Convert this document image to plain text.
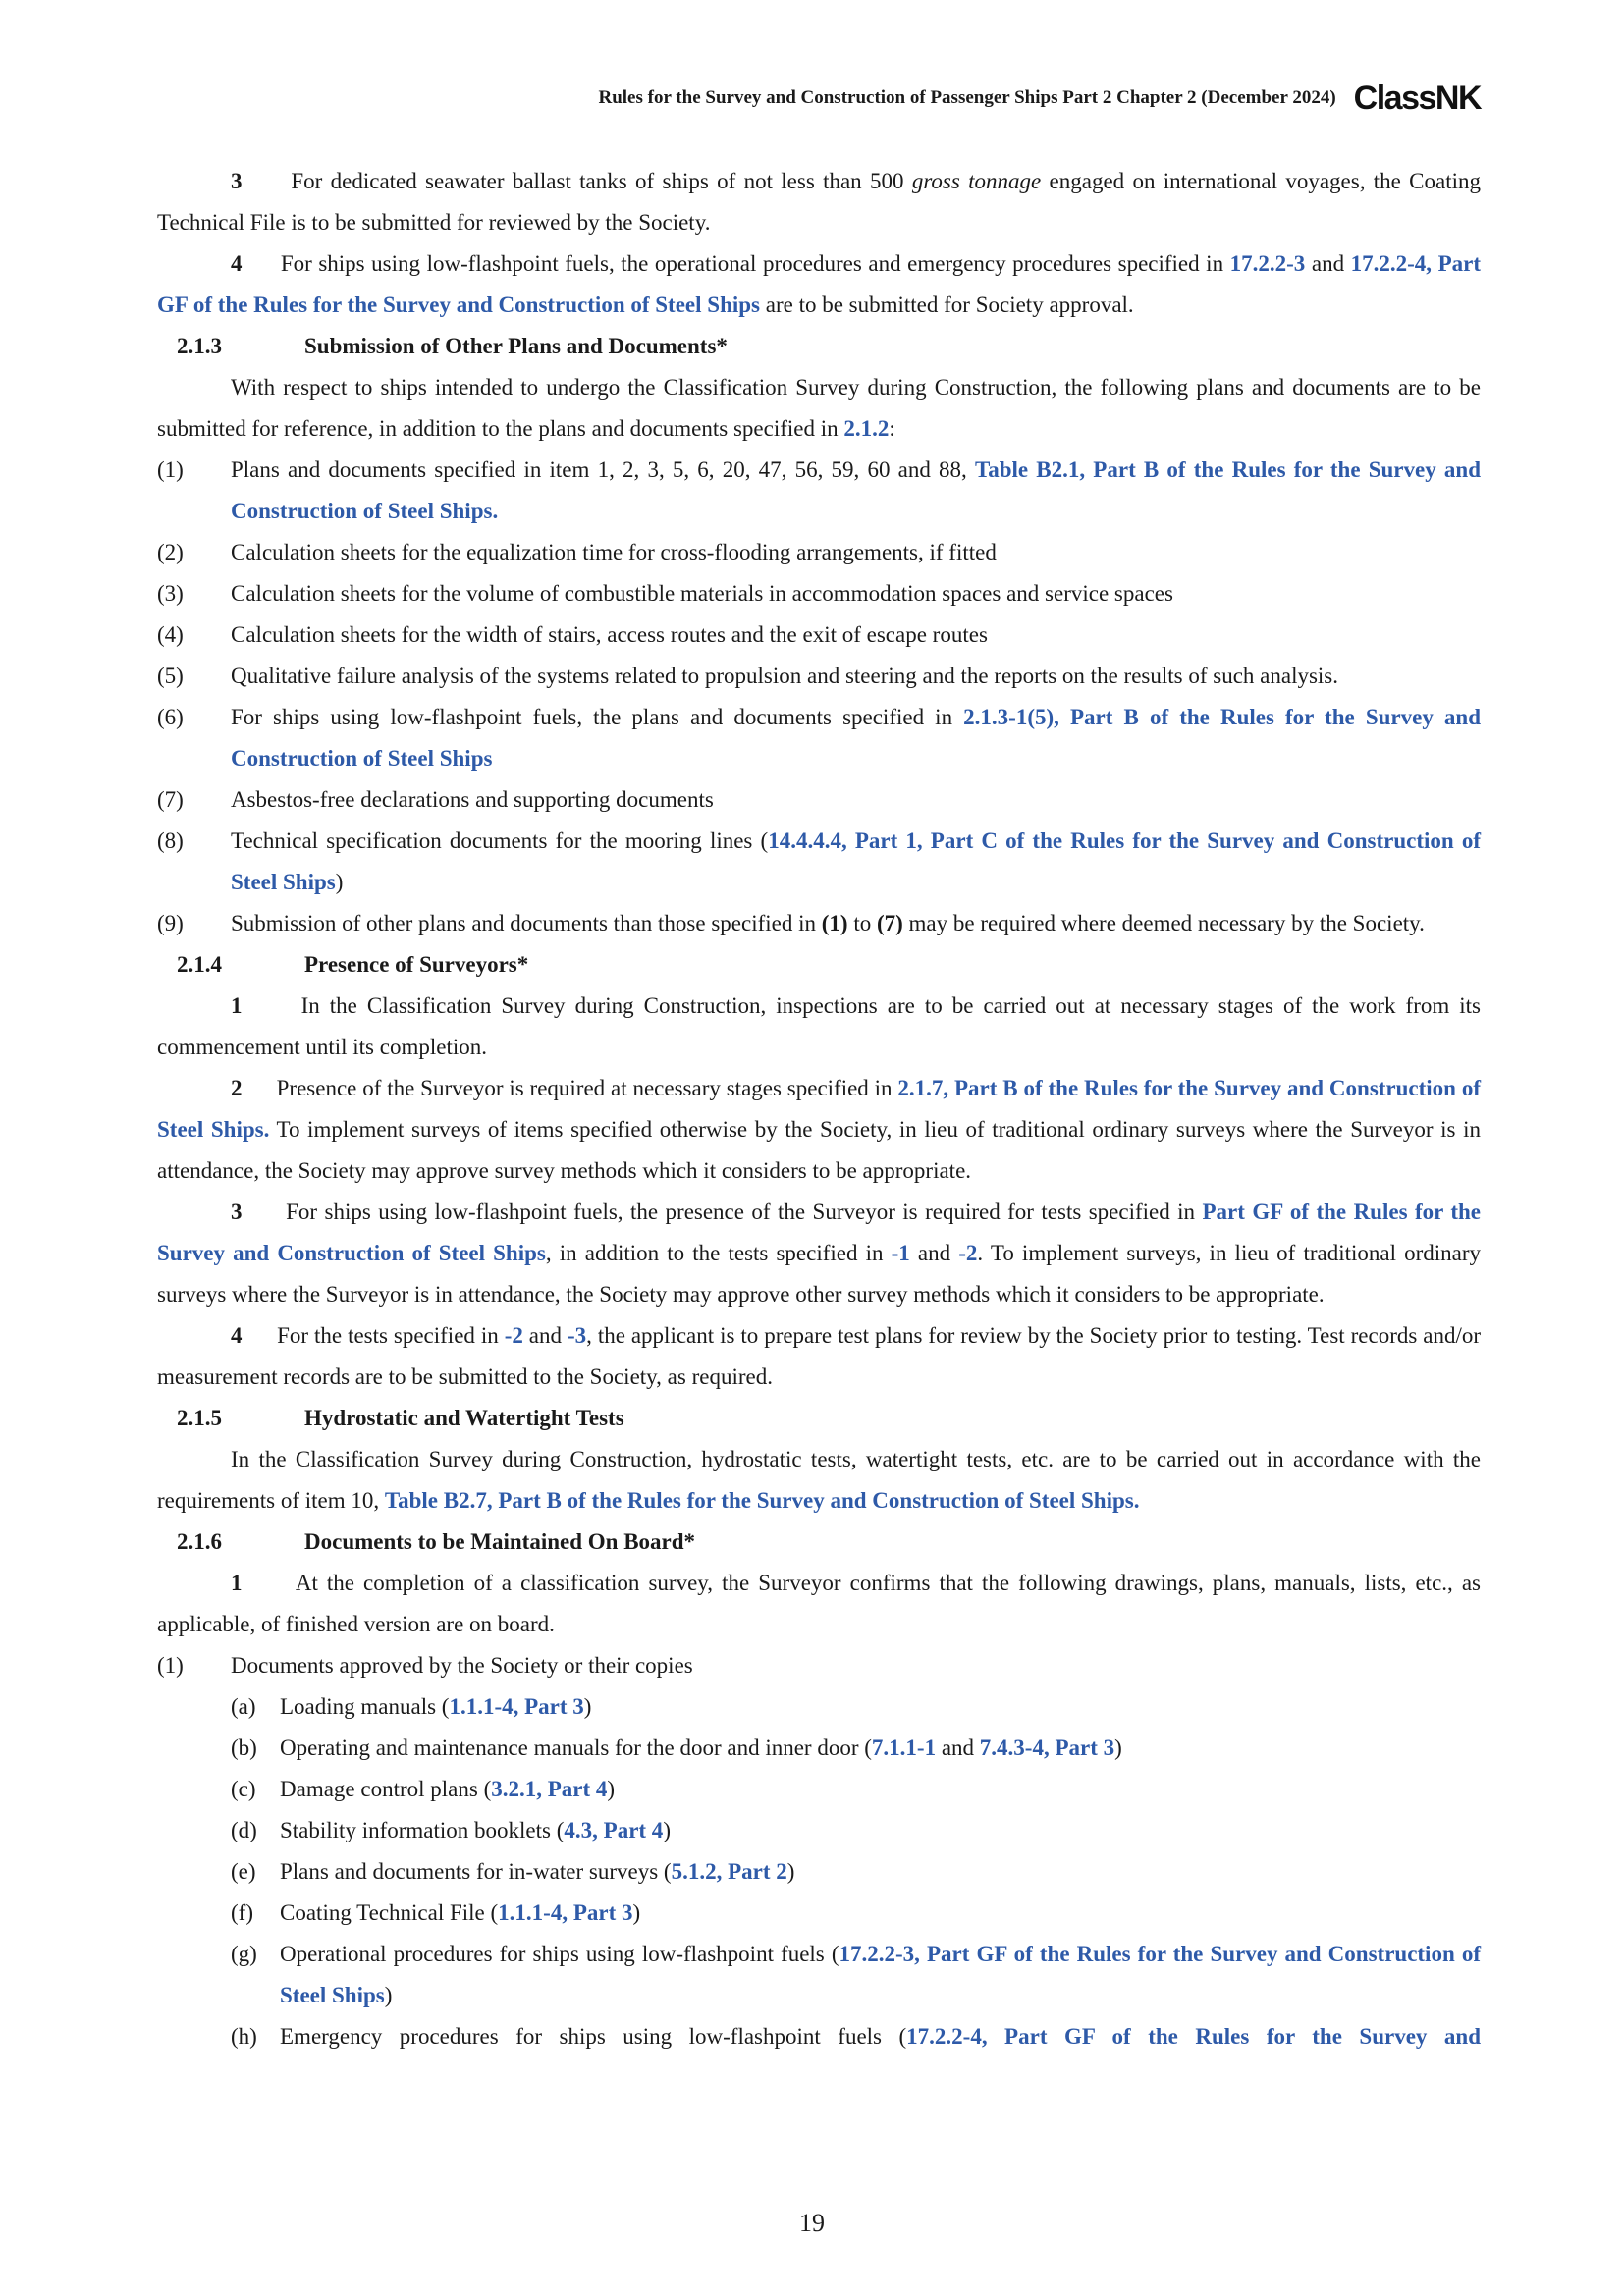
Rules for the Survey and Construction of Passenger Ships Part 2 Chapter 2 (December 2024) ClassNK

3 For dedicated seawater ballast tanks of ships of not less than 500 gross tonnage engaged on international voyages, the Coating Technical File is to be submitted for reviewed by the Society.

4 For ships using low-flashpoint fuels, the operational procedures and emergency procedures specified in 17.2.2-3 and 17.2.2-4, Part GF of the Rules for the Survey and Construction of Steel Ships are to be submitted for Society approval.

2.1.3	Submission of Other Plans and Documents*

With respect to ships intended to undergo the Classification Survey during Construction, the following plans and documents are to be submitted for reference, in addition to the plans and documents specified in 2.1.2:

(1)	Plans and documents specified in item 1, 2, 3, 5, 6, 20, 47, 56, 59, 60 and 88, Table B2.1, Part B of the Rules for the Survey and Construction of Steel Ships.
(2)	Calculation sheets for the equalization time for cross-flooding arrangements, if fitted
(3)	Calculation sheets for the volume of combustible materials in accommodation spaces and service spaces
(4)	Calculation sheets for the width of stairs, access routes and the exit of escape routes
(5)	Qualitative failure analysis of the systems related to propulsion and steering and the reports on the results of such analysis.
(6)	For ships using low-flashpoint fuels, the plans and documents specified in 2.1.3-1(5), Part B of the Rules for the Survey and Construction of Steel Ships
(7)	Asbestos-free declarations and supporting documents
(8)	Technical specification documents for the mooring lines (14.4.4.4, Part 1, Part C of the Rules for the Survey and Construction of Steel Ships)
(9)	Submission of other plans and documents than those specified in (1) to (7) may be required where deemed necessary by the Society.
2.1.4	Presence of Surveyors*

1	In the Classification Survey during Construction, inspections are to be carried out at necessary stages of the work from its commencement until its completion.

2 Presence of the Surveyor is required at necessary stages specified in 2.1.7, Part B of the Rules for the Survey and Construction of Steel Ships. To implement surveys of items specified otherwise by the Society, in lieu of traditional ordinary surveys where the Surveyor is in attendance, the Society may approve survey methods which it considers to be appropriate.

3 For ships using low-flashpoint fuels, the presence of the Surveyor is required for tests specified in Part GF of the Rules for the Survey and Construction of Steel Ships, in addition to the tests specified in -1 and -2. To implement surveys, in lieu of traditional ordinary surveys where the Surveyor is in attendance, the Society may approve other survey methods which it considers to be appropriate.

4 For the tests specified in -2 and -3, the applicant is to prepare test plans for review by the Society prior to testing. Test records and/or measurement records are to be submitted to the Society, as required.

2.1.5	Hydrostatic and Watertight Tests

In the Classification Survey during Construction, hydrostatic tests, watertight tests, etc. are to be carried out in accordance with the requirements of item 10, Table B2.7, Part B of the Rules for the Survey and Construction of Steel Ships.

2.1.6	Documents to be Maintained On Board*

1 At the completion of a classification survey, the Surveyor confirms that the following drawings, plans, manuals, lists, etc., as applicable, of finished version are on board.

(1)	Documents approved by the Society or their copies
(a)	Loading manuals (1.1.1-4, Part 3)
(b)	Operating and maintenance manuals for the door and inner door (7.1.1-1 and 7.4.3-4, Part 3)
(c)	Damage control plans (3.2.1, Part 4)
(d)	Stability information booklets (4.3, Part 4)
(e)	Plans and documents for in-water surveys (5.1.2, Part 2)
(f)	Coating Technical File (1.1.1-4, Part 3)
(g)	Operational procedures for ships using low-flashpoint fuels (17.2.2-3, Part GF of the Rules for the Survey and Construction of Steel Ships)
(h)	Emergency procedures for ships using low-flashpoint fuels (17.2.2-4, Part GF of the Rules for the Survey and
19
